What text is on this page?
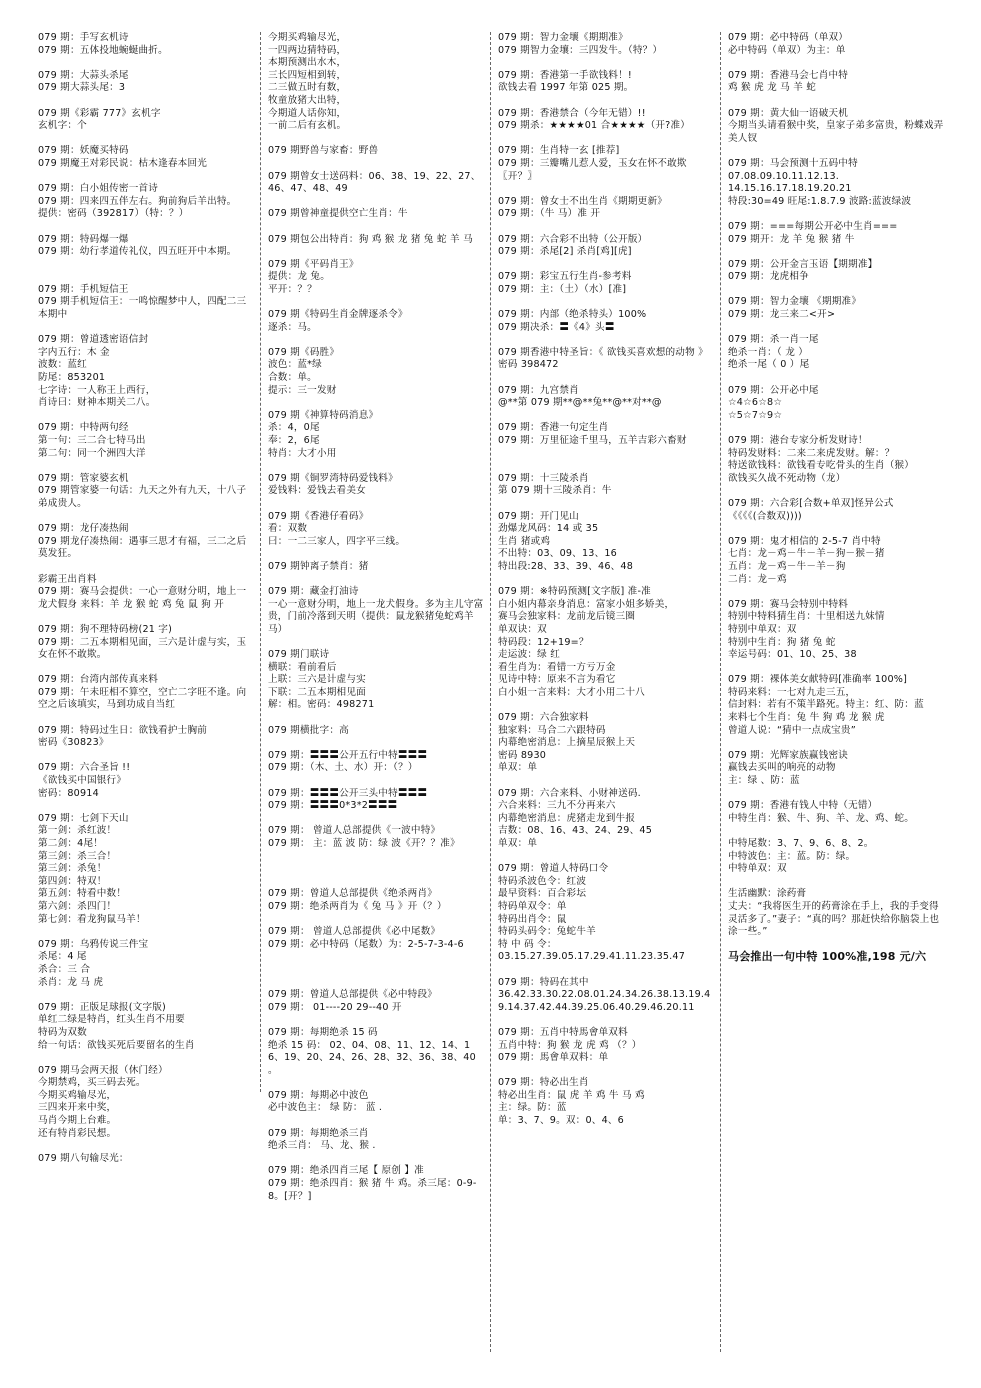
079 期：手写玄机诗
079 期：五体投地蜿蜒曲折。
079 期：大蒜头杀尾
079 期大蒜头尾：3
079 期《彩霸 777》玄机字
玄机字：个
079 期：妖魔买特码
079 期魔王对彩民说：枯木逢春本回光
079 期：白小姐传密一首诗
079 期：四来四五伴左右。狗前狗后羊出特。
提供：密码（392817）（特：？）
079 期：特码爆一爆
079 期：幼行孝道传礼仪，四五旺开中本期。

079 期：手机短信王
079 期手机短信王：一鸣惊醒梦中人，四配二三本期中
079 期：曾道透密语信封
字内五行：木 金
波数：蓝红
防尾：853201
七字诗：一人称王上西行，
肖诗曰：财神本期关二八。
079 期：中特两句经
第一句：三二合七特马出
第二句：同一个洲四大洋
079 期：管家婆玄机
079 期管家婆一句话：九天之外有九天，十八子弟成贵人。
079 期：龙仔凑热闹
079 期龙仔凑热闹：遇事三思才有福，三二之后莫发狂。
彩霸王出肖料
079 期：赛马会提供：一心一意财分明，地上一龙犬假身 来料：羊 龙 猴 蛇 鸡 兔 鼠 狗 开
079 期：狗不理特码榜(21 字)
079 期：二五本期相见面，三六是计虚与实，玉女在怀不敢欺。
079 期：台湾内部传真来料
079 期：午未旺相不算空，空亡二字旺不逢。向空之后该填实，马到功成自当红
079 期：特码过生日：欲钱看护士胸前
密码《30823》
079 期：六合圣旨 !!
《欲钱买中国银行》
密码：80914
079 期：七剑下天山
第一剑：杀红波！
第二剑：4尾！
第三剑：杀三合！
第三剑：杀兔！
第四剑：特双！
第五剑：特看中数！
第六剑：杀四门！
第七剑：看龙狗鼠马羊！
079 期：乌鸦传说三件宝
杀尾：4 尾
杀合：三 合
杀肖：龙 马 虎
079 期：正版足球报(文字版)
单红二绿是特肖，红头生肖不用要
特码为双数
给一句话：欲钱买死后要留名的生肖
079 期马会两天报（休门经）
今期禁鸡，买三码去死。
今期买鸡输尽光，
三四来开来中奖，
马肖今期上台难。
还有特肖彩民想。
079 期八句输尽光：
今期买鸡输尽光，
一四两边猜特码，
本期预测出水木，
三长四短相到转，
二三做五时有数，
牧童放猪大出特，
今期道人话你知，
一前二后有玄机。
079 期野兽与家畜：野兽
079 期曾女士送码料：06、38、19、22、27、46、47、48、49
079 期曾神童提供空亡生肖：牛
079 期包公出特肖：狗 鸡 猴 龙 猪 兔 蛇 羊 马
079 期《平码肖王》
提供：龙 兔。
平开：？？
079 期《特码生肖金牌逐杀令》
逐杀：马。
079 期《码胜》
波色：蓝*绿
合数：单。
提示：三一发财
079 期《神算特码消息》
杀：4，0尾
奉：2，6尾
特肖：大才小用
079 期《铜罗湾特码爱钱料》
爱钱料：爱钱去看美女
079 期《香港仔看码》
看：双数
曰：一二三家人，四字平三线。
079 期钟离子禁肖：猪
079 期：藏金打油诗
一心一意财分明，地上一龙犬假身。多为主儿守富贵，门前冷落到天明（提供：鼠龙猴猪兔蛇鸡羊马）
079 期门联诗
横联：看前看后
上联：三六是计虚与实
下联：二五本期相见面
解：相。密码：498271
079 期横批字：高
079 期：〓〓〓公开五行中特〓〓〓
079 期：（木、土、水）开：（？）
079 期：〓〓〓公开三头中特〓〓〓
079 期：〓〓〓0*3*2〓〓〓
079 期： 曾道人总部提供《一波中特》
079 期： 主：蓝 波 防：绿 波《开？？准》

079 期：曾道人总部提供《绝杀两肖》
079 期：绝杀两肖为《 兔 马 》开（？）
079 期： 曾道人总部提供《必中尾数》
079 期：必中特码（尾数）为：2-5-7-3-4-6

079 期：曾道人总部提供《必中特段》
079 期： 01----20 29--40 开
079 期：每期绝杀 15 码
绝杀 15 码： 02、04、08、11、12、14、16、19、20、24、26、28、32、36、38、40 。
079 期：每期必中波色
必中波色主： 绿 防： 蓝 .
079 期：每期绝杀三肖
绝杀三肖： 马、龙、猴 .
079 期：绝杀四肖三尾【 原创 】准
079 期：绝杀四肖：猴 猪 牛 鸡。杀三尾：0-9-8。[开？]
079 期：智力金壤《期期准》
079 期智力金壤：三四发牛。（特？）
079 期：香港第一手欲钱料！!
欲钱去看 1997 年第 025 期。
079 期：香港禁合（今年无错）!!
079 期杀：★★★★01 合★★★★（开?准）
079 期：生肖特一玄 [推荐]
079 期：三瓣嘴儿惹人爱，玉女在怀不敢欺〖开？〗
079 期：曾女士不出生肖《期期更新》
079 期：（牛 马）准 开
079 期：六合彩不出特（公开版）
079 期：杀尾[2] 杀肖[鸡][虎]
079 期：彩宝五行生肖-参考料
079 期：主：（土）（水）[准]
079 期：内部（绝杀特头）100%
079 期决杀：〓《4》头〓
079 期香港中特圣旨：《 欲钱买喜欢想的动物 》密码 398472
079 期：九宫禁肖
@**第 079 期**@**兔**@**对**@
079 期：香港一句定生肖
079 期：万里征途千里马，五羊吉彩六畜财

079 期：十三陵杀肖
第 079 期十三陵杀肖：牛
079 期：开门见山
劲爆龙风码：14 或 35
生肖 猪或鸡
不出特：03、09、13、16
特出段:28、33、39、46、48
079 期：※特码预测[文字版] 准-准
白小姐内幕亲身消息：富家小姐多娇美，
赛马会独家料：龙前龙后镜三圈
单双诀：双
特码段：12+19=？
走运波：绿 红
看生肖为：看错一方亏万金
见诗中特：原来不言为看它
白小姐一言来料：大才小用二十八
079 期：六合独家料
独家料：马合二六跟特码
内幕绝密消息：上摘星辰猴上天
密码 8930
单双：单
079 期：六合来料、小财神送码.
六合来料：三九不分再来六
内幕绝密消息：虎猪走龙到牛报
吉数：08、16、43、24、29、45
单双：单
079 期：曾道人特码口令
特码杀波色令：红波
最早资料：百合彩坛
特码单双令：单
特码出肖令：鼠
特码头码令：兔蛇牛羊
特 中 码 令：
03.15.27.39.05.17.29.41.11.23.35.47
079 期：特码在其中
36.42.33.30.22.08.01.24.34.26.38.13.19.49.14.37.42.44.39.25.06.40.29.46.20.11
079 期：五肖中特馬會单双料
五肖中特：狗 猴 龙 虎 鸡 （？）
079 期：馬會单双料：单
079 期：特必出生肖
特必出生肖：鼠 虎 羊 鸡 牛 马 鸡
主：绿。防：蓝
单：3、7、9。双：0、4、6
079 期：必中特码（单双）
必中特码（单双）为主：单
079 期：香港马会七肖中特
鸡 猴 虎 龙 马 羊 蛇
079 期：黄大仙一语破天机
今期当头请看猴中奖，皇家子弟多富贵，粉蝶戏弄美人钗
079 期：马会预测十五码中特
07.08.09.10.11.12.13.
14.15.16.17.18.19.20.21
特段:30=49 旺尾:1.8.7.9 波路:蓝波绿波
079 期：===每期公开必中生肖===
079 期开：龙 羊 兔 猴 猪 牛
079 期：公开金言玉语【期期准】
079 期：龙虎相争
079 期：智力金壤 《期期准》
079 期：龙三来二<开>
079 期：杀一肖一尾
绝杀一肖：（ 龙 ）
绝杀一尾（ 0 ）尾
079 期：公开必中尾
☆4☆6☆8☆
☆5☆7☆9☆
079 期：港台专家分析发财诗！
特码发财料：二来二来虎发财。解：？
特送欲钱料：欲钱看专吃骨头的生肖（猴）
欲钱买久战不死动物（龙）
079 期：六合彩[合数+单双]怪异公式
《《《《(合数双))))
079 期：鬼才相信的 2-5-7 肖中特
七肖：龙－鸡－牛－羊－狗－猴－猪
五肖：龙－鸡－牛－羊－狗
二肖：龙－鸡
079 期：赛马会特别中特料
特别中特料猜生肖：十里相送九妹情
特别中单双：双
特别中生肖：狗 猪 兔 蛇
幸运号码：01、10、25、38
079 期：裸体美女献特码[准确率 100%]
特码来料：一七对九走三五，
信封料：若有不策半路死。特主：红、防：蓝
来料七个生肖：兔 牛 狗 鸡 龙 猴 虎
曾道人说：“猜中一点成宝贵”
079 期：光辉家族赢钱密诀
赢钱去买叫的响亮的动物
主：绿 、防：蓝
079 期：香港有钱人中特（无错）
中特生肖：猴、牛、狗、羊、龙、鸡、蛇。
中特尾数：3、7、9、6、8、2。
中特波色：主：蓝。防：绿。
中特单双：双
生活幽默：涂药膏
丈夫：“我将医生开的药膏涂在手上，我的手变得灵活多了。”妻子：“真的吗？那赶快给你脑袋上也涂一些。”
马会推出一句中特 100%准,198 元/六
